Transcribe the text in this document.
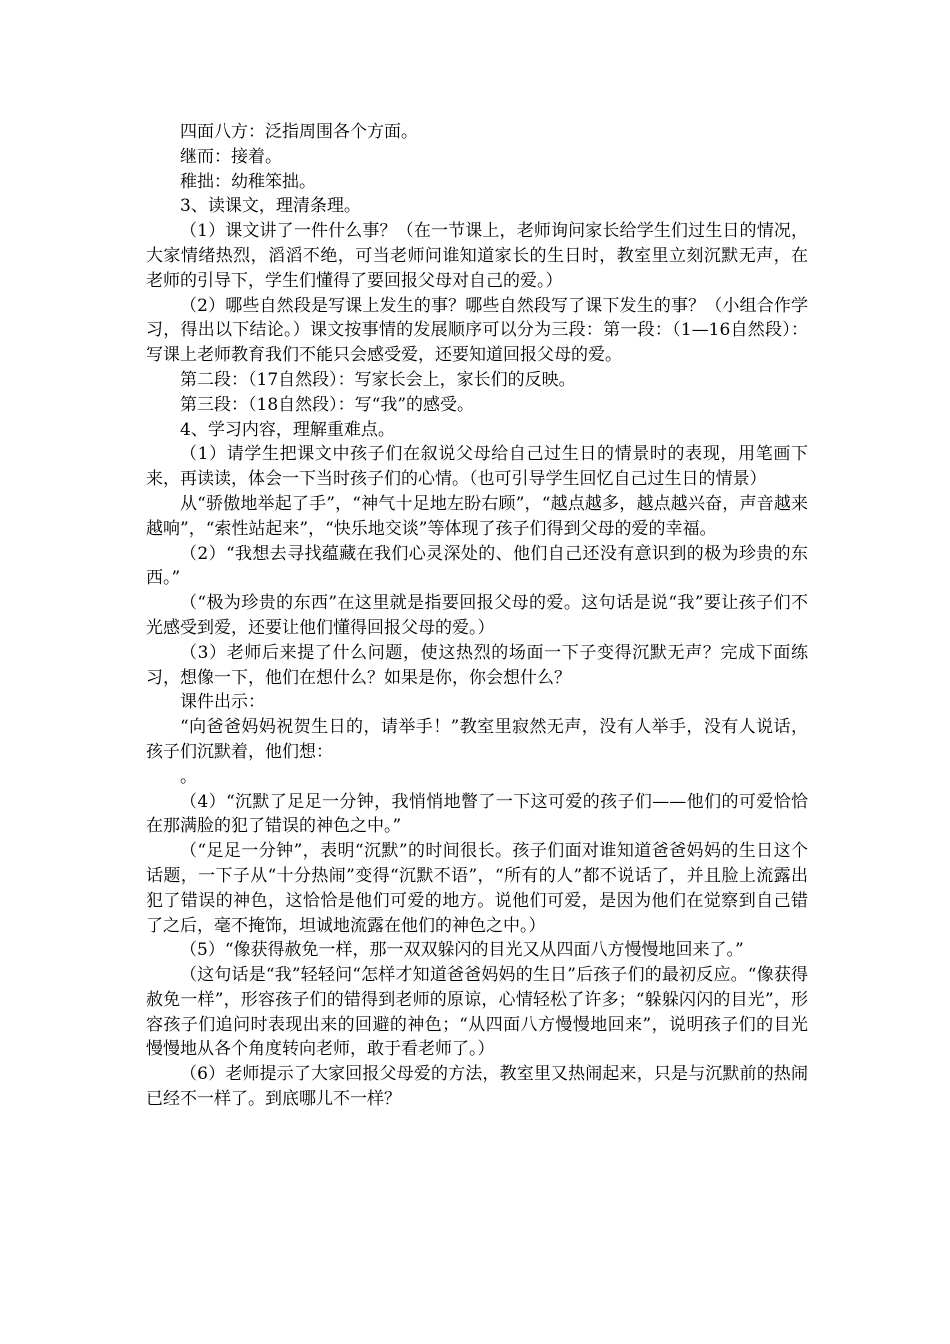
四面八方：泛指周围各个方面。

继而：接着。

稚拙：幼稚笨拙。

3、读课文，理清条理。

（1）课文讲了一件什么事？（在一节课上，老师询问家长给学生们过生日的情况，大家情绪热烈，滔滔不绝，可当老师问谁知道家长的生日时，教室里立刻沉默无声，在老师的引导下，学生们懂得了要回报父母对自己的爱。）

（2）哪些自然段是写课上发生的事？哪些自然段写了课下发生的事？（小组合作学习，得出以下结论。）课文按事情的发展顺序可以分为三段：第一段：（1—16自然段）：写课上老师教育我们不能只会感受爱，还要知道回报父母的爱。

第二段：（17自然段）：写家长会上，家长们的反映。

第三段：（18自然段）：写“我”的感受。

4、学习内容，理解重难点。

（1）请学生把课文中孩子们在叙说父母给自己过生日的情景时的表现，用笔画下来，再读读，体会一下当时孩子们的心情。（也可引导学生回忆自己过生日的情景）

从“骄傲地举起了手”，“神气十足地左盼右顾”，“越点越多，越点越兴奋，声音越来越响”，“索性站起来”，“快乐地交谈”等体现了孩子们得到父母的爱的幸福。

（2）“我想去寻找蕴藏在我们心灵深处的、他们自己还没有意识到的极为珍贵的东西。”

（“极为珍贵的东西”在这里就是指要回报父母的爱。这句话是说“我”要让孩子们不光感受到爱，还要让他们懂得回报父母的爱。）

（3）老师后来提了什么问题，使这热烈的场面一下子变得沉默无声？完成下面练习，想像一下，他们在想什么？如果是你，你会想什么？

课件出示：

“向爸爸妈妈祝贺生日的，请举手！”教室里寂然无声，没有人举手，没有人说话，孩子们沉默着，他们想：

。

（4）“沉默了足足一分钟，我悄悄地瞥了一下这可爱的孩子们——他们的可爱恰恰在那满脸的犯了错误的神色之中。”

（“足足一分钟”，表明“沉默”的时间很长。孩子们面对谁知道爸爸妈妈的生日这个话题，一下子从“十分热闹”变得“沉默不语”，“所有的人”都不说话了，并且脸上流露出犯了错误的神色，这恰恰是他们可爱的地方。说他们可爱，是因为他们在觉察到自己错了之后，毫不掩饰，坦诚地流露在他们的神色之中。）

（5）“像获得赦免一样，那一双双躲闪的目光又从四面八方慢慢地回来了。”

（这句话是“我”轻轻问“怎样才知道爸爸妈妈的生日”后孩子们的最初反应。“像获得赦免一样”，形容孩子们的错得到老师的原谅，心情轻松了许多；“躲躲闪闪的目光”，形容孩子们追问时表现出来的回避的神色；“从四面八方慢慢地回来”，说明孩子们的目光慢慢地从各个角度转向老师，敢于看老师了。）

（6）老师提示了大家回报父母爱的方法，教室里又热闹起来，只是与沉默前的热闹已经不一样了。到底哪儿不一样？
